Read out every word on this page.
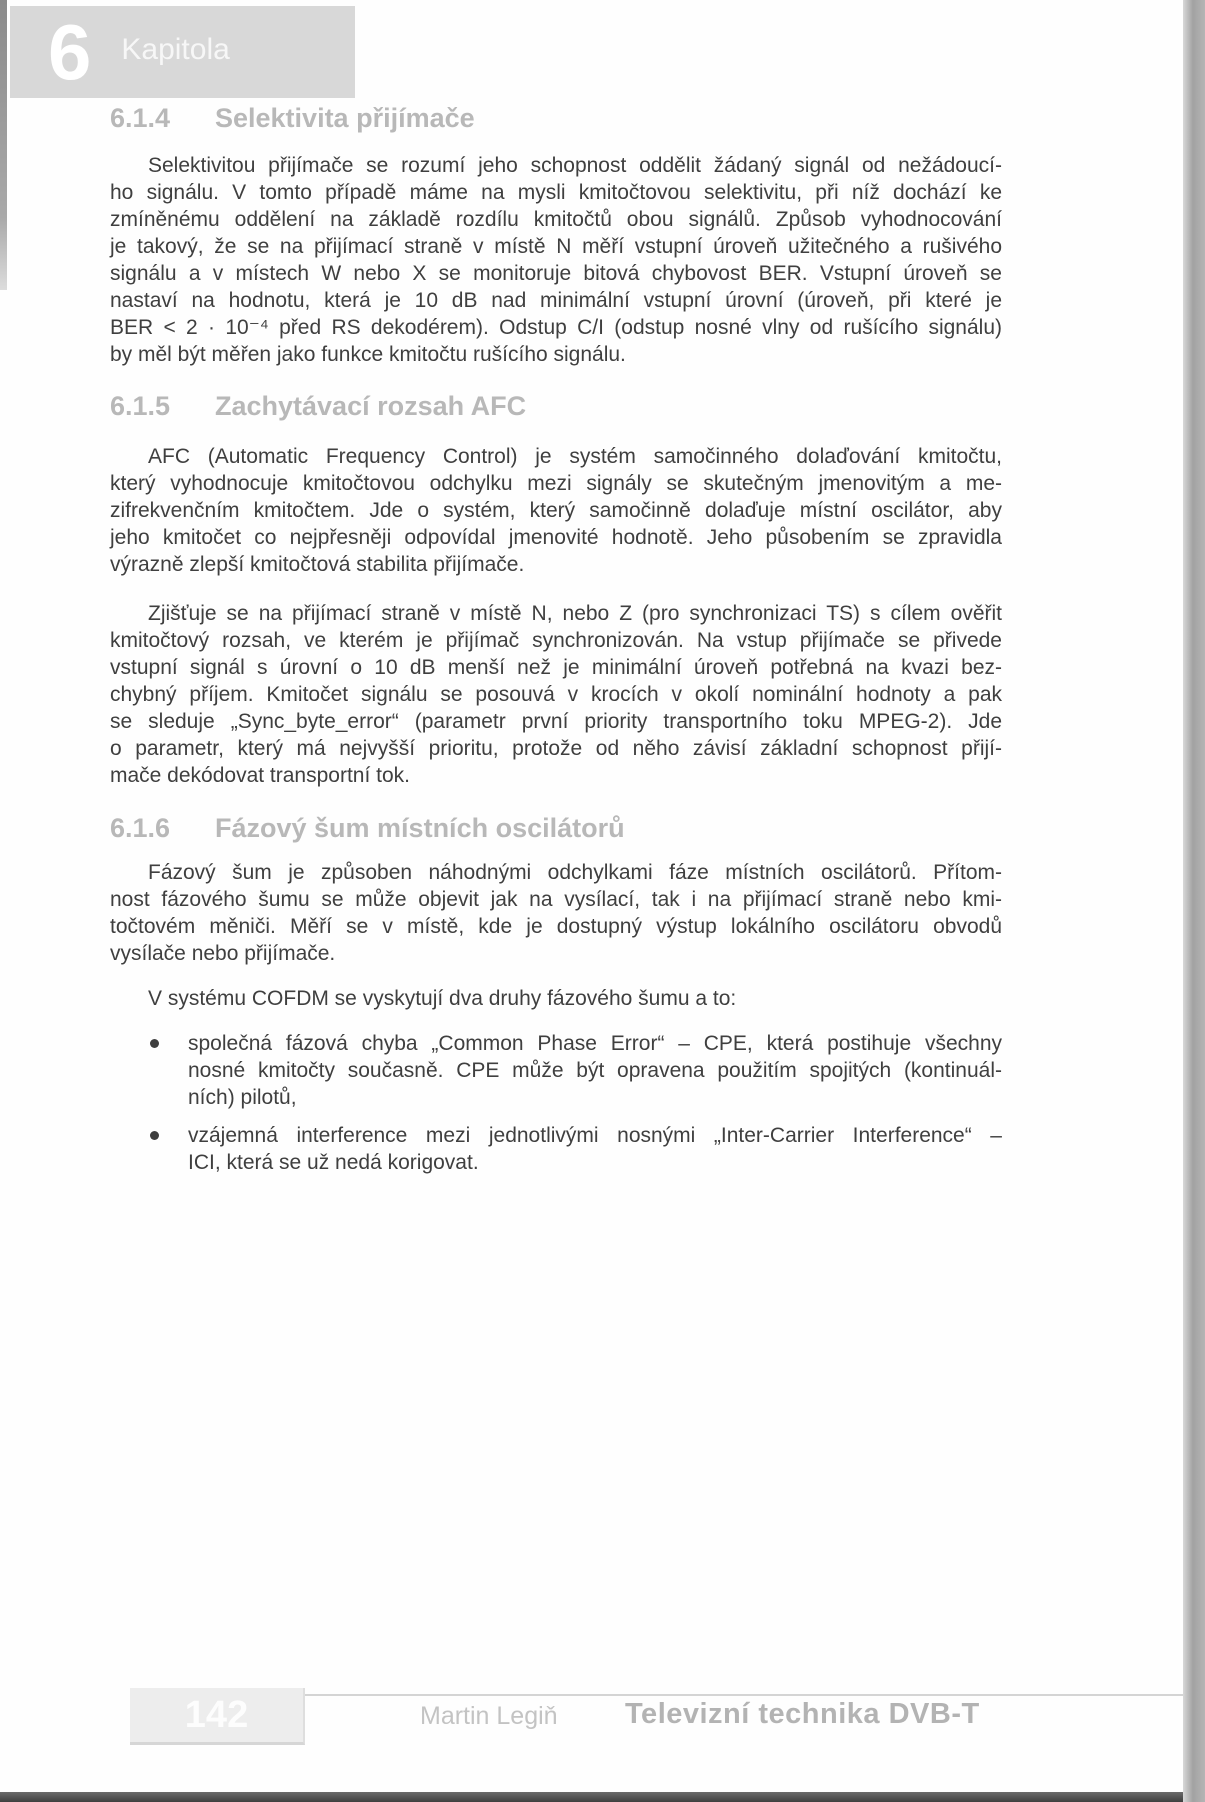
6 Kapitola
6.1.4 Selektivita přijímače
Selektivitou přijímače se rozumí jeho schopnost oddělit žádaný signál od nežádoucí-
ho signálu. V tomto případě máme na mysli kmitočtovou selektivitu, při níž dochází ke
zmíněnému oddělení na základě rozdílu kmitočtů obou signálů. Způsob vyhodnocování
je takový, že se na přijímací straně v místě N měří vstupní úroveň užitečného a rušivého
signálu a v místech W nebo X se monitoruje bitová chybovost BER. Vstupní úroveň se
nastaví na hodnotu, která je 10 dB nad minimální vstupní úrovní (úroveň, při které je
BER < 2 · 10⁻⁴ před RS dekodérem). Odstup C/I (odstup nosné vlny od rušícího signálu)
by měl být měřen jako funkce kmitočtu rušícího signálu.
6.1.5 Zachytávací rozsah AFC
AFC (Automatic Frequency Control) je systém samočinného dolaďování kmitočtu,
který vyhodnocuje kmitočtovou odchylku mezi signály se skutečným jmenovitým a me-
zifrekvenčním kmitočtem. Jde o systém, který samočinně dolaďuje místní oscilátor, aby
jeho kmitočet co nejpřesněji odpovídal jmenovité hodnotě. Jeho působením se zpravidla
výrazně zlepší kmitočtová stabilita přijímače.
Zjišťuje se na přijímací straně v místě N, nebo Z (pro synchronizaci TS) s cílem ověřit
kmitočtový rozsah, ve kterém je přijímač synchronizován. Na vstup přijímače se přivede
vstupní signál s úrovní o 10 dB menší než je minimální úroveň potřebná na kvazi bez-
chybný příjem. Kmitočet signálu se posouvá v krocích v okolí nominální hodnoty a pak
se sleduje „Sync_byte_error“ (parametr první priority transportního toku MPEG-2). Jde
o parametr, který má nejvyšší prioritu, protože od něho závisí základní schopnost přijí-
mače dekódovat transportní tok.
6.1.6 Fázový šum místních oscilátorů
Fázový šum je způsoben náhodnými odchylkami fáze místních oscilátorů. Přítom-
nost fázového šumu se může objevit jak na vysílací, tak i na přijímací straně nebo kmi-
točtovém měniči. Měří se v místě, kde je dostupný výstup lokálního oscilátoru obvodů
vysílače nebo přijímače.
V systému COFDM se vyskytují dva druhy fázového šumu a to:
společná fázová chyba „Common Phase Error“ – CPE, která postihuje všechny
nosné kmitočty současně. CPE může být opravena použitím spojitých (kontinuál-
ních) pilotů,
vzájemná interference mezi jednotlivými nosnými „Inter-Carrier Interference“ –
ICI, která se už nedá korigovat.
142	Martin Legiň Televizní technika DVB-T
